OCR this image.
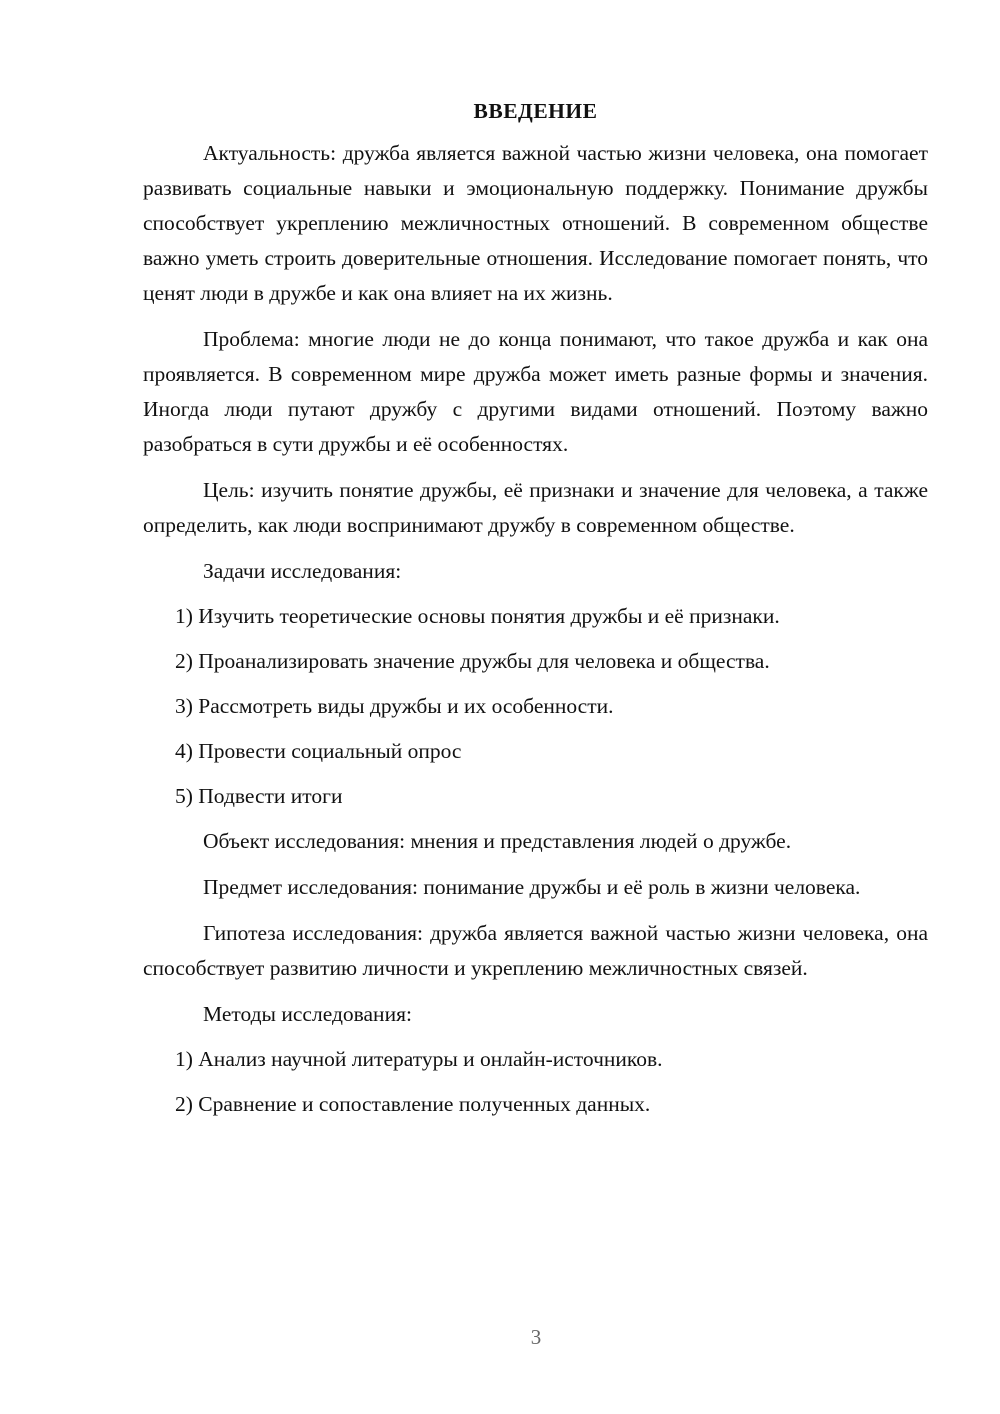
ВВЕДЕНИЕ

Актуальность: дружба является важной частью жизни человека, она помогает развивать социальные навыки и эмоциональную поддержку. Понимание дружбы способствует укреплению межличностных отношений. В современном обществе важно уметь строить доверительные отношения. Исследование помогает понять, что ценят люди в дружбе и как она влияет на их жизнь.

Проблема: многие люди не до конца понимают, что такое дружба и как она проявляется. В современном мире дружба может иметь разные формы и значения. Иногда люди путают дружбу с другими видами отношений. Поэтому важно разобраться в сути дружбы и её особенностях.

Цель: изучить понятие дружбы, её признаки и значение для человека, а также определить, как люди воспринимают дружбу в современном обществе.

Задачи исследования:

1) Изучить теоретические основы понятия дружбы и её признаки.
2) Проанализировать значение дружбы для человека и общества.
3) Рассмотреть виды дружбы и их особенности.
4) Провести социальный опрос
5) Подвести итоги

Объект исследования: мнения и представления людей о дружбе.

Предмет исследования: понимание дружбы и её роль в жизни человека.

Гипотеза исследования: дружба является важной частью жизни человека, она способствует развитию личности и укреплению межличностных связей.

Методы исследования:

1) Анализ научной литературы и онлайн-источников.
2) Сравнение и сопоставление полученных данных.
3
